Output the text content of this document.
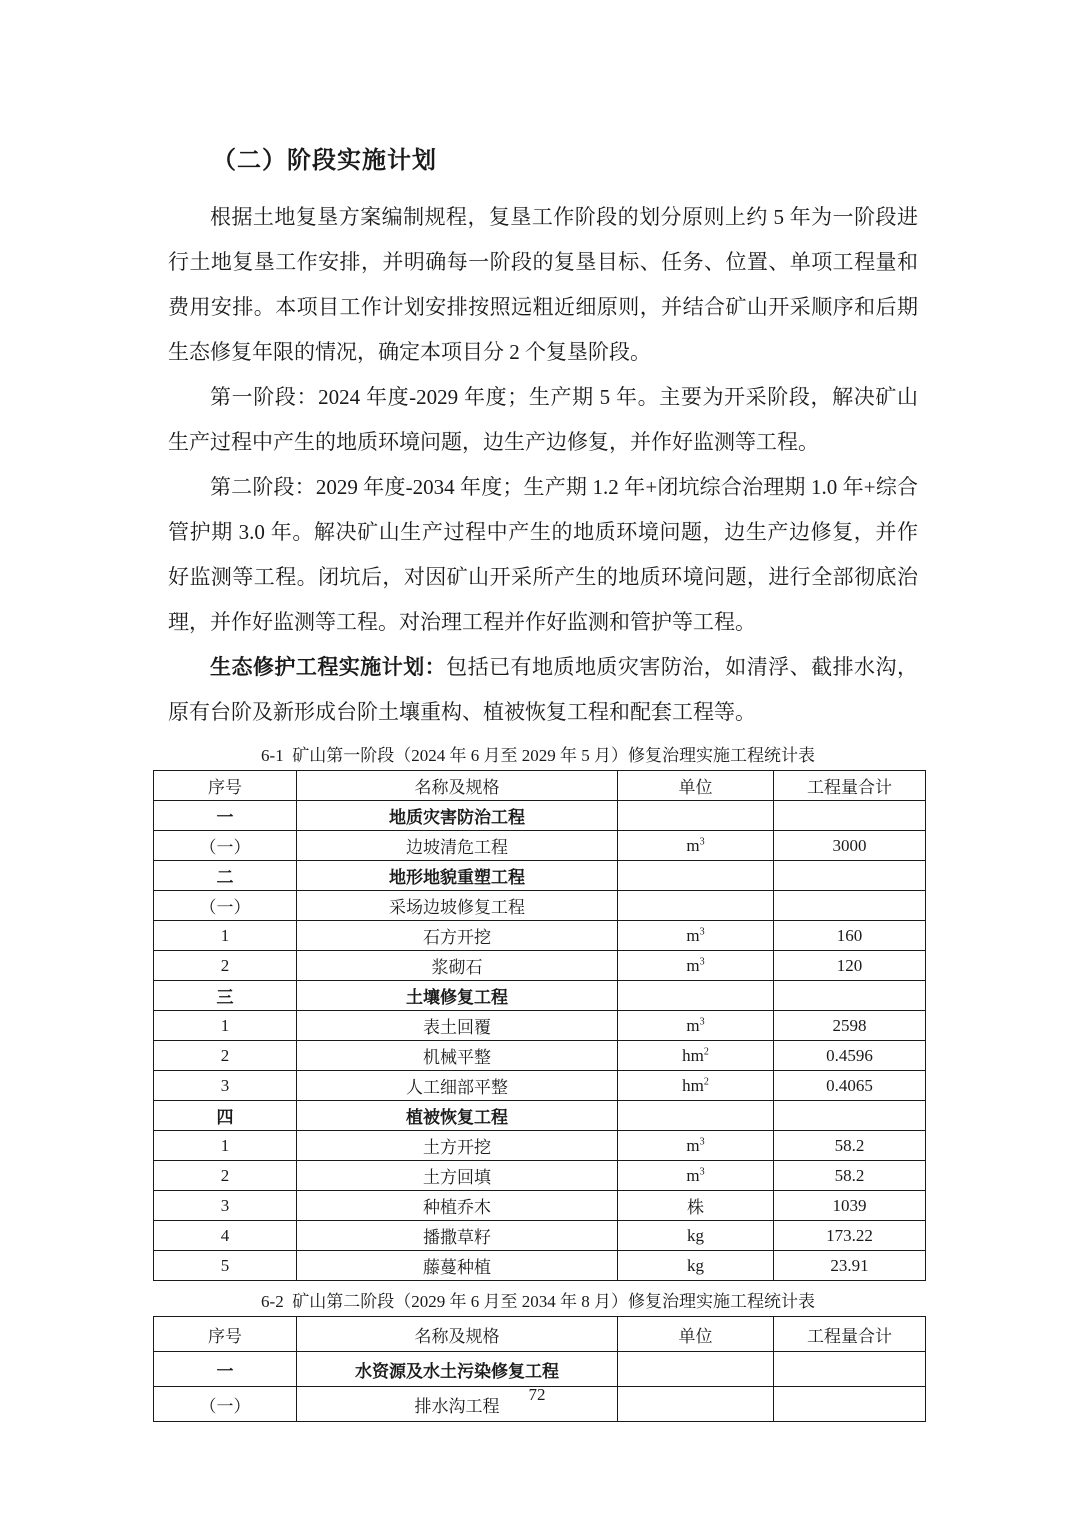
（二）阶段实施计划

根据土地复垦方案编制规程，复垦工作阶段的划分原则上约 5 年为一阶段进行土地复垦工作安排，并明确每一阶段的复垦目标、任务、位置、单项工程量和费用安排。本项目工作计划安排按照远粗近细原则，并结合矿山开采顺序和后期生态修复年限的情况，确定本项目分 2 个复垦阶段。

第一阶段：2024 年度-2029 年度；生产期 5 年。主要为开采阶段，解决矿山生产过程中产生的地质环境问题，边生产边修复，并作好监测等工程。

第二阶段：2029 年度-2034 年度；生产期 1.2 年+闭坑综合治理期 1.0 年+综合管护期 3.0 年。解决矿山生产过程中产生的地质环境问题，边生产边修复，并作好监测等工程。闭坑后，对因矿山开采所产生的地质环境问题，进行全部彻底治理，并作好监测等工程。对治理工程并作好监测和管护等工程。

生态修护工程实施计划：包括已有地质地质灾害防治，如清浮、截排水沟，原有台阶及新形成台阶土壤重构、植被恢复工程和配套工程等。

6-1  矿山第一阶段（2024 年 6 月至 2029 年 5 月）修复治理实施工程统计表
序号	名称及规格	单位	工程量合计
一	地质灾害防治工程		
（一）	边坡清危工程	$m^3$	3000
二	地形地貌重塑工程		
（一）	采场边坡修复工程		
1	石方开挖	$m^3$	160
2	浆砌石	$m^3$	120
三	土壤修复工程		
1	表土回覆	$m^3$	2598
2	机械平整	$hm^2$	0.4596
3	人工细部平整	$hm^2$	0.4065
四	植被恢复工程		
1	土方开挖	$m^3$	58.2
2	土方回填	$m^3$	58.2
3	种植乔木	株	1039
4	播撒草籽	kg	173.22
5	藤蔓种植	kg	23.91
6-2  矿山第二阶段（2029 年 6 月至 2034 年 8 月）修复治理实施工程统计表
序号	名称及规格	单位	工程量合计
一	水资源及水土污染修复工程		
（一）	排水沟工程		
72
